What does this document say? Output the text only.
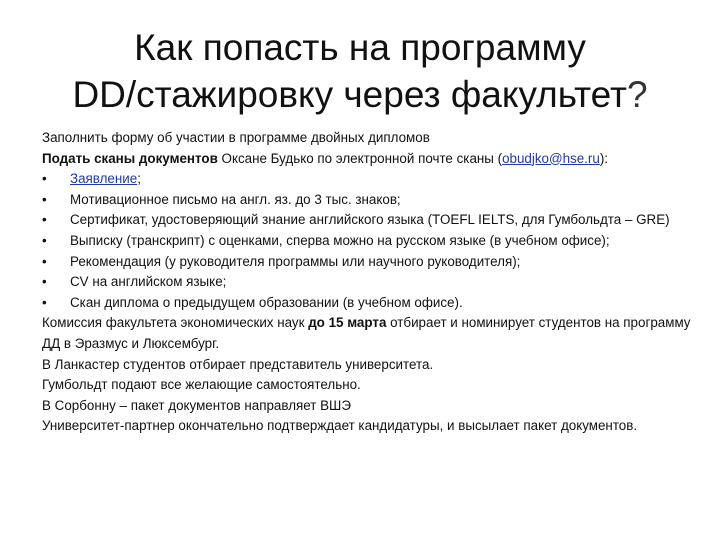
Как попасть на программу
DD/стажировку через факультет?

Заполнить форму об участии в программе двойных дипломов

Подать сканы документов Оксане Будько по электронной почте сканы (obudjko@hse.ru):

•	Заявление;
•	Мотивационное письмо на англ. яз. до 3 тыс. знаков;
•	Сертификат, удостоверяющий знание английского языка (TOEFL IELTS, для Гумбольдта – GRE)
•	Выписку (транскрипт) с оценками, сперва можно на русском языке (в учебном офисе);
•	Рекомендация (у руководителя программы или научного руководителя);
•	CV на английском языке;
•	Скан диплома о предыдущем образовании (в учебном офисе).

Комиссия факультета экономических наук до 15 марта отбирает и номинирует студентов на программу ДД в Эразмус и Люксембург.

В Ланкастер студентов отбирает представитель университета.

Гумбольдт подают все желающие самостоятельно.

В Сорбонну – пакет документов направляет ВШЭ

Университет-партнер окончательно подтверждает кандидатуры, и высылает пакет документов.
